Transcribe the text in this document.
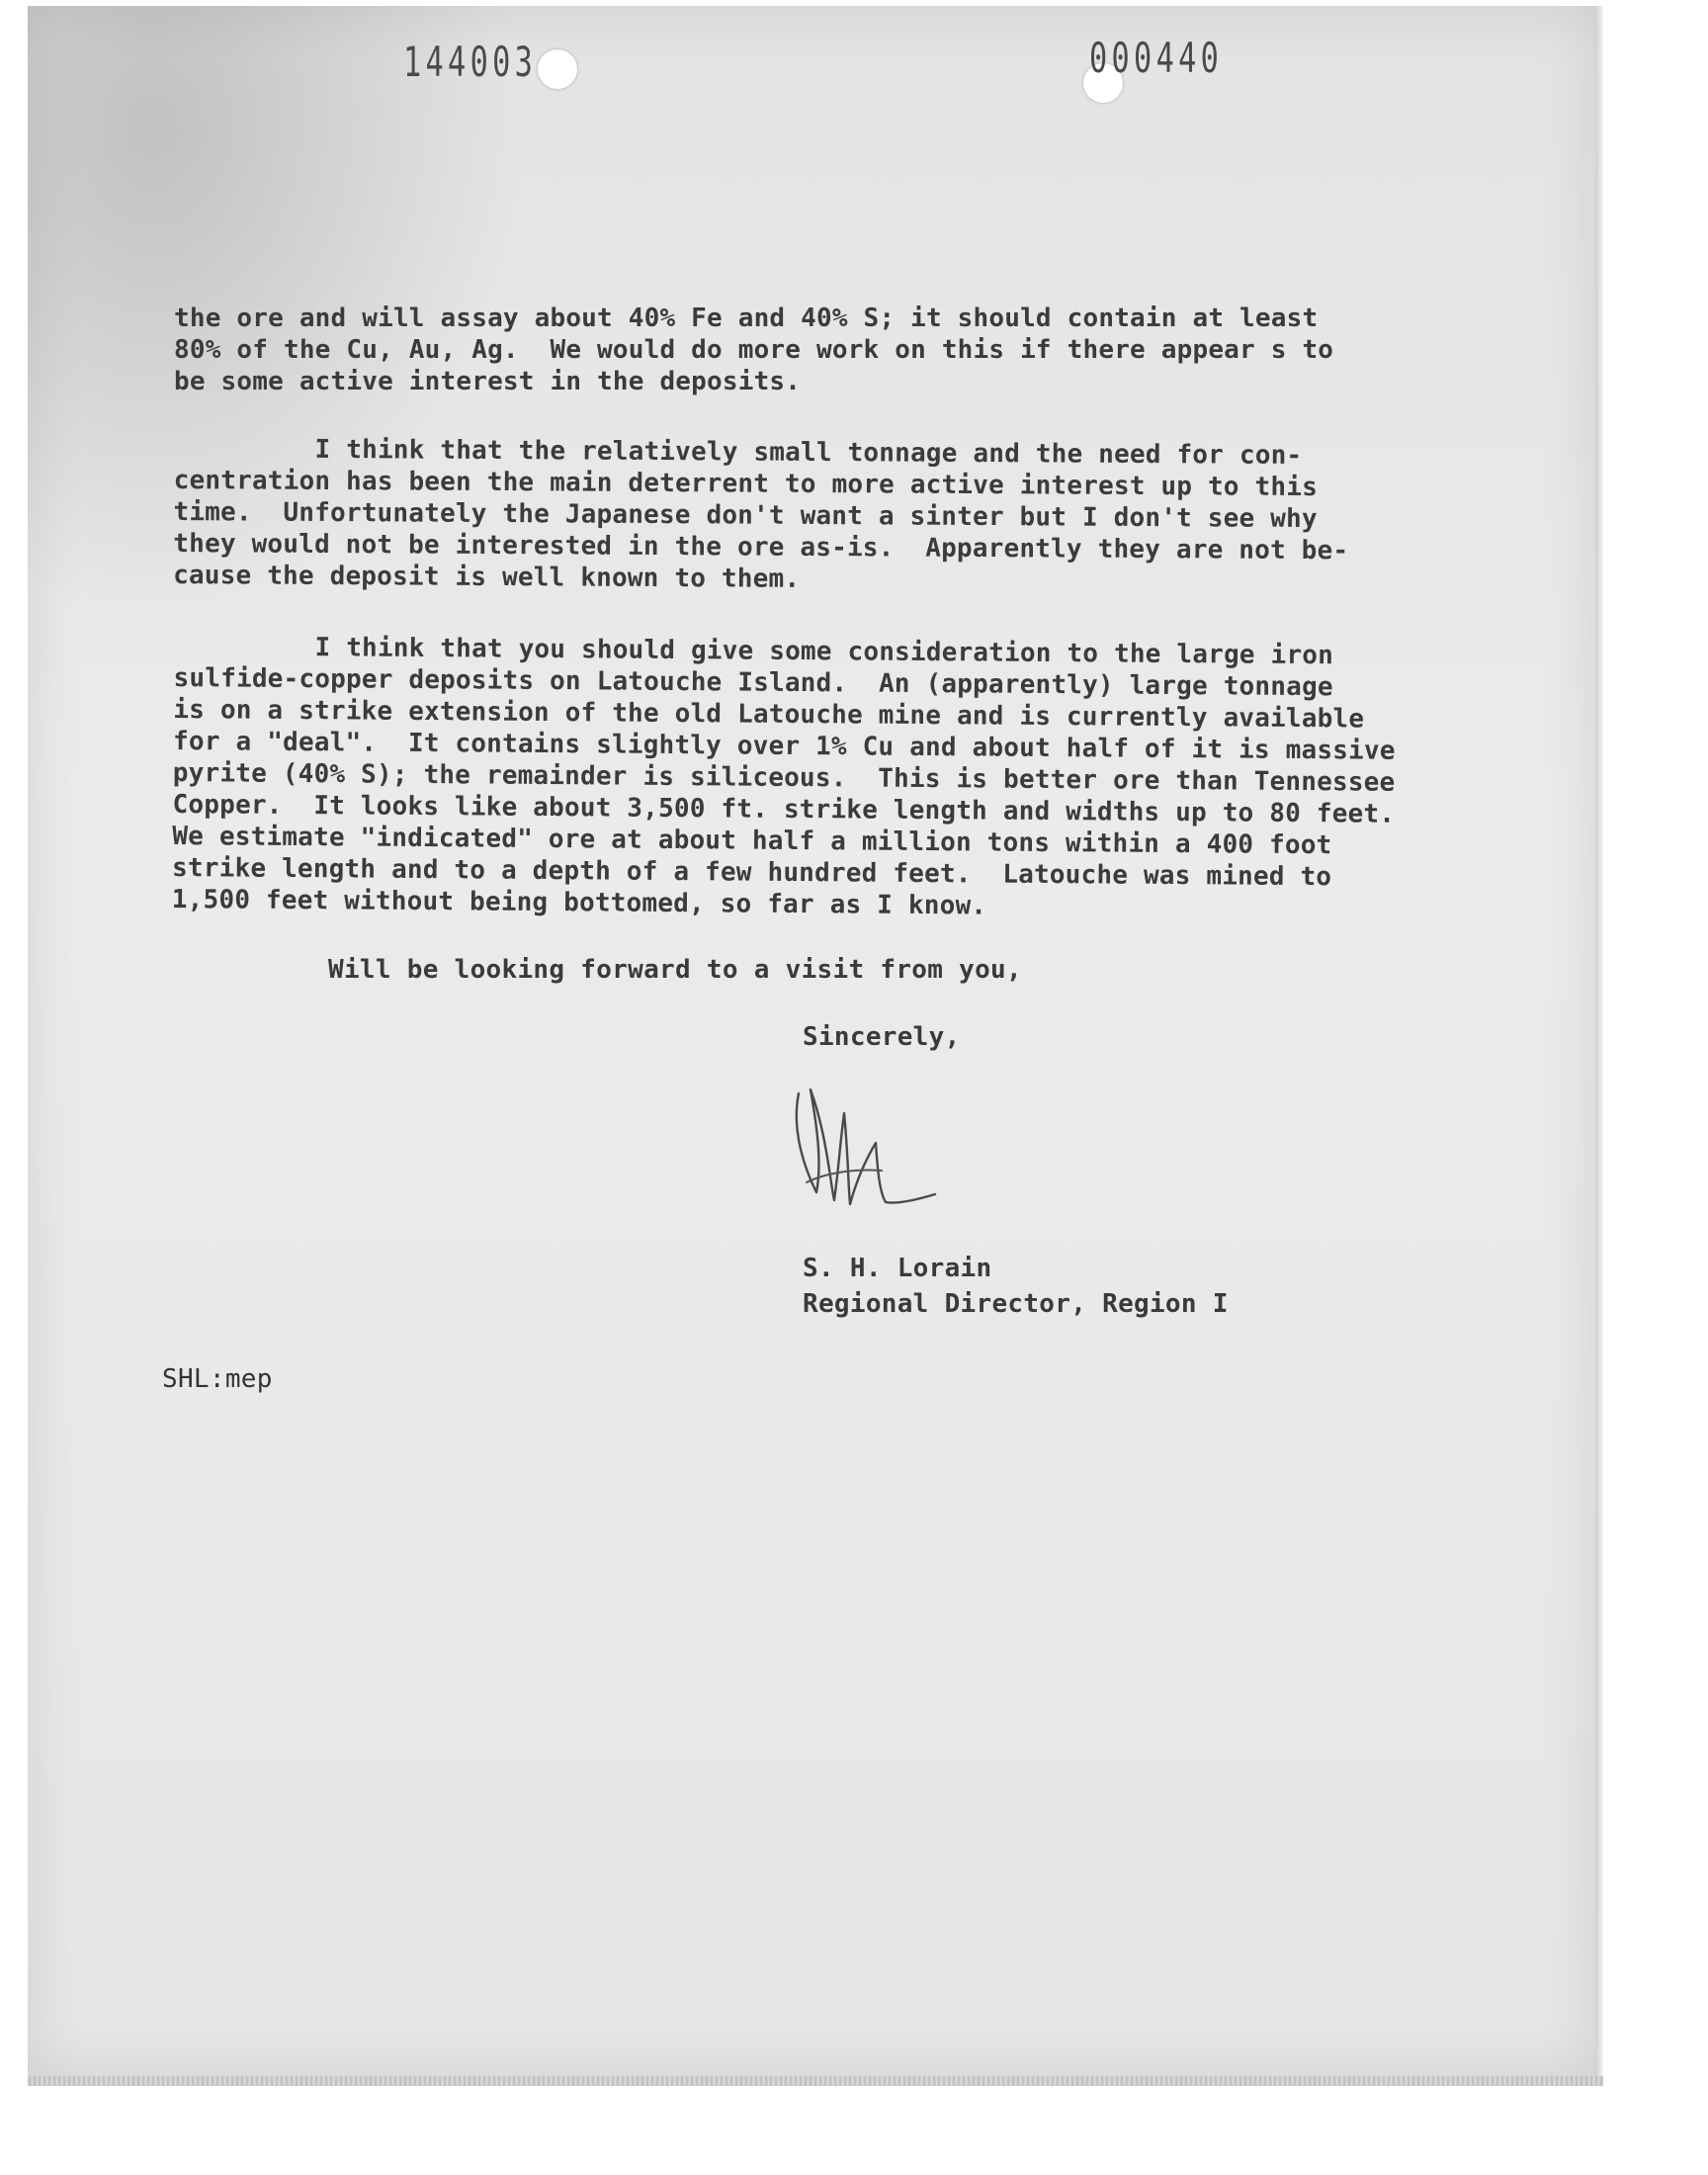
144003	000440
the ore and will assay about 40% Fe and 40% S; it should contain at least
80% of the Cu, Au, Ag.  We would do more work on this if there appear s to
be some active interest in the deposits.
I think that the relatively small tonnage and the need for con-
centration has been the main deterrent to more active interest up to this
time.  Unfortunately the Japanese don't want a sinter but I don't see why
they would not be interested in the ore as-is.  Apparently they are not be-
cause the deposit is well known to them.
I think that you should give some consideration to the large iron
sulfide-copper deposits on Latouche Island.  An (apparently) large tonnage
is on a strike extension of the old Latouche mine and is currently available
for a "deal".  It contains slightly over 1% Cu and about half of it is massive
pyrite (40% S); the remainder is siliceous.  This is better ore than Tennessee
Copper.  It looks like about 3,500 ft. strike length and widths up to 80 feet.
We estimate "indicated" ore at about half a million tons within a 400 foot
strike length and to a depth of a few hundred feet.  Latouche was mined to
1,500 feet without being bottomed, so far as I know.

Will be looking forward to a visit from you,

Sincerely,

S. H. Lorain

Regional Director, Region I

SHL:mep
